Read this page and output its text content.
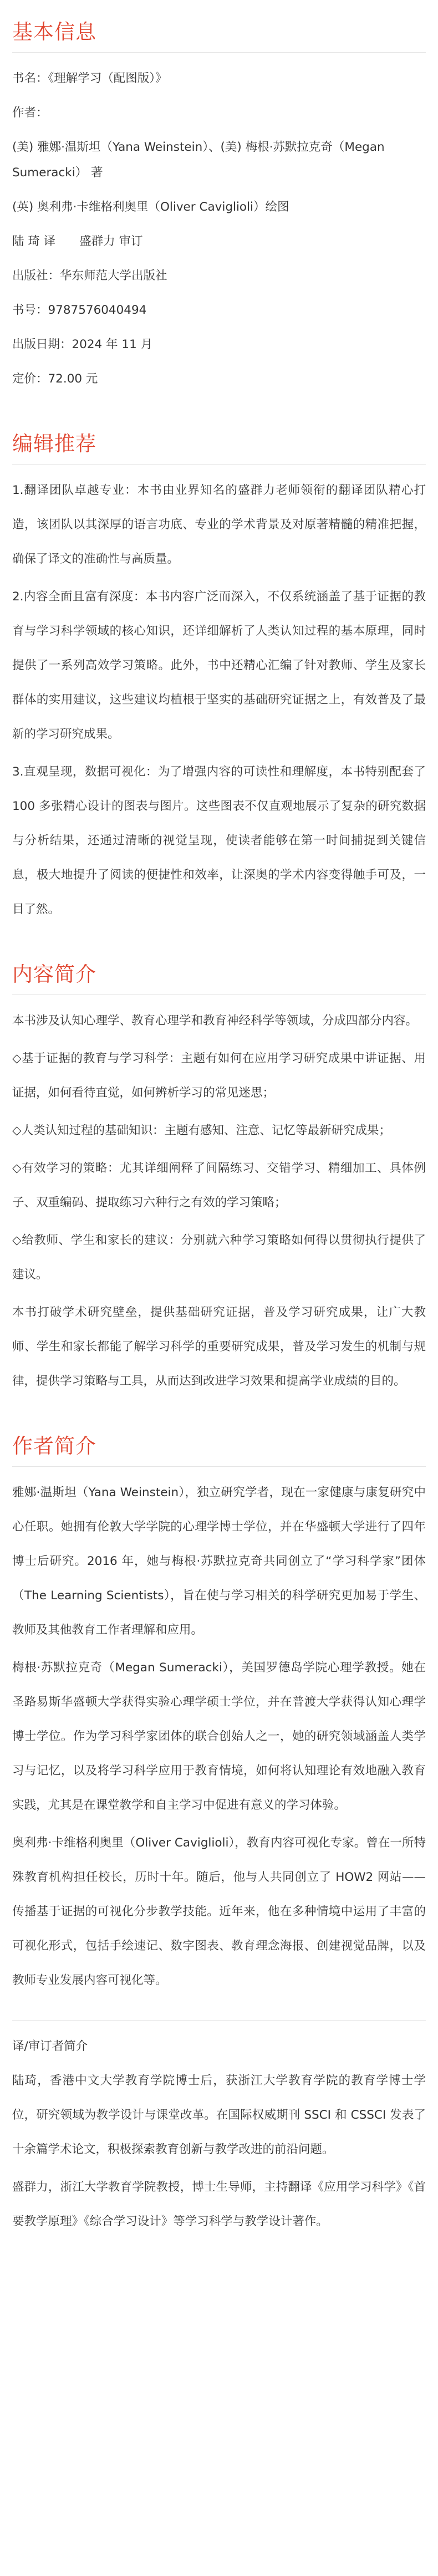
基本信息

书名：《理解学习（配图版）》

作者：

(美) 雅娜·温斯坦（Yana Weinstein）、(美) 梅根·苏默拉克奇（Megan Sumeracki） 著

(英) 奥利弗·卡维格利奥里（Oliver Caviglioli）绘图

陆 琦 译　　盛群力 审订

出版社：华东师范大学出版社

书号：9787576040494

出版日期：2024 年 11 月

定价：72.00 元

编辑推荐

1.翻译团队卓越专业：本书由业界知名的盛群力老师领衔的翻译团队精心打造，该团队以其深厚的语言功底、专业的学术背景及对原著精髓的精准把握，确保了译文的准确性与高质量。

2.内容全面且富有深度：本书内容广泛而深入，不仅系统涵盖了基于证据的教育与学习科学领域的核心知识，还详细解析了人类认知过程的基本原理，同时提供了一系列高效学习策略。此外，书中还精心汇编了针对教师、学生及家长群体的实用建议，这些建议均植根于坚实的基础研究证据之上，有效普及了最新的学习研究成果。

3.直观呈现，数据可视化：为了增强内容的可读性和理解度，本书特别配套了 100 多张精心设计的图表与图片。这些图表不仅直观地展示了复杂的研究数据与分析结果，还通过清晰的视觉呈现，使读者能够在第一时间捕捉到关键信息，极大地提升了阅读的便捷性和效率，让深奥的学术内容变得触手可及，一目了然。

内容简介

本书涉及认知心理学、教育心理学和教育神经科学等领域，分成四部分内容。

◇基于证据的教育与学习科学：主题有如何在应用学习研究成果中讲证据、用证据，如何看待直觉，如何辨析学习的常见迷思；

◇人类认知过程的基础知识：主题有感知、注意、记忆等最新研究成果；

◇有效学习的策略：尤其详细阐释了间隔练习、交错学习、精细加工、具体例子、双重编码、提取练习六种行之有效的学习策略；

◇给教师、学生和家长的建议：分别就六种学习策略如何得以贯彻执行提供了建议。

本书打破学术研究壁垒，提供基础研究证据，普及学习研究成果，让广大教师、学生和家长都能了解学习科学的重要研究成果，普及学习发生的机制与规律，提供学习策略与工具，从而达到改进学习效果和提高学业成绩的目的。

作者简介

雅娜·温斯坦（Yana Weinstein），独立研究学者，现在一家健康与康复研究中心任职。她拥有伦敦大学学院的心理学博士学位，并在华盛顿大学进行了四年博士后研究。2016 年，她与梅根·苏默拉克奇共同创立了“学习科学家”团体（The Learning Scientists），旨在使与学习相关的科学研究更加易于学生、教师及其他教育工作者理解和应用。

梅根·苏默拉克奇（Megan Sumeracki），美国罗德岛学院心理学教授。她在圣路易斯华盛顿大学获得实验心理学硕士学位，并在普渡大学获得认知心理学博士学位。作为学习科学家团体的联合创始人之一，她的研究领域涵盖人类学习与记忆，以及将学习科学应用于教育情境，如何将认知理论有效地融入教育实践，尤其是在课堂教学和自主学习中促进有意义的学习体验。

奥利弗·卡维格利奥里（Oliver Caviglioli），教育内容可视化专家。曾在一所特殊教育机构担任校长，历时十年。随后，他与人共同创立了 HOW2 网站——传播基于证据的可视化分步教学技能。近年来，他在多种情境中运用了丰富的可视化形式，包括手绘速记、数字图表、教育理念海报、创建视觉品牌，以及教师专业发展内容可视化等。

译/审订者简介

陆琦，香港中文大学教育学院博士后，获浙江大学教育学院的教育学博士学位，研究领域为教学设计与课堂改革。在国际权威期刊 SSCI 和 CSSCI 发表了十余篇学术论文，积极探索教育创新与教学改进的前沿问题。

盛群力，浙江大学教育学院教授，博士生导师，主持翻译《应用学习科学》《首要教学原理》《综合学习设计》等学习科学与教学设计著作。
